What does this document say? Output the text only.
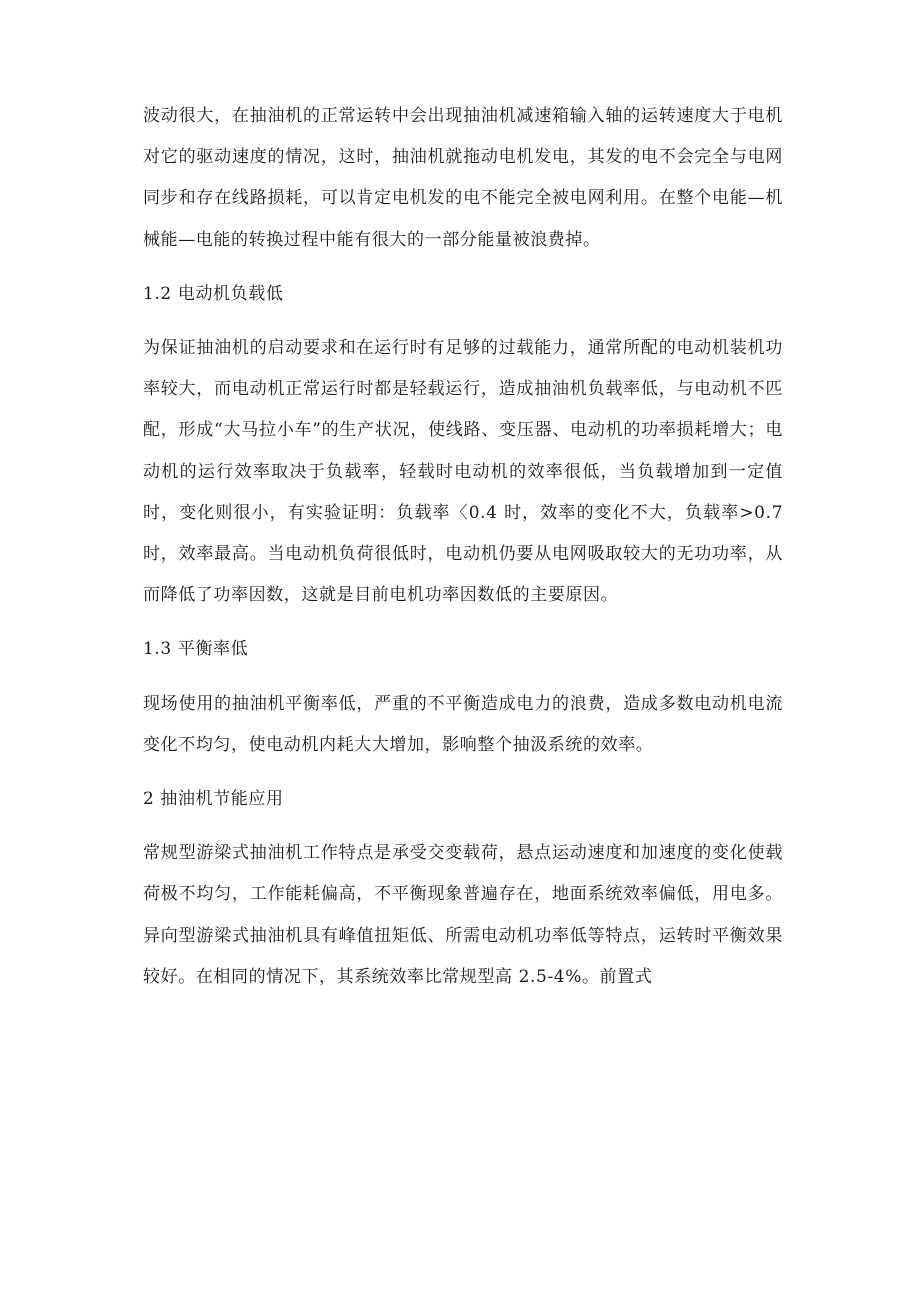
波动很大，在抽油机的正常运转中会出现抽油机减速箱输入轴的运转速度大于电机对它的驱动速度的情况，这时，抽油机就拖动电机发电，其发的电不会完全与电网同步和存在线路损耗，可以肯定电机发的电不能完全被电网利用。在整个电能—机械能—电能的转换过程中能有很大的一部分能量被浪费掉。

1.2 电动机负载低

为保证抽油机的启动要求和在运行时有足够的过载能力，通常所配的电动机装机功率较大，而电动机正常运行时都是轻载运行，造成抽油机负载率低，与电动机不匹配，形成“大马拉小车”的生产状况，使线路、变压器、电动机的功率损耗增大；电动机的运行效率取决于负载率，轻载时电动机的效率很低，当负载增加到一定值时，变化则很小，有实验证明：负载率〈0.4 时，效率的变化不大，负载率>0.7 时，效率最高。当电动机负荷很低时，电动机仍要从电网吸取较大的无功功率，从而降低了功率因数，这就是目前电机功率因数低的主要原因。

1.3 平衡率低

现场使用的抽油机平衡率低，严重的不平衡造成电力的浪费，造成多数电动机电流变化不均匀，使电动机内耗大大增加，影响整个抽汲系统的效率。

2 抽油机节能应用

常规型游梁式抽油机工作特点是承受交变载荷，悬点运动速度和加速度的变化使载荷极不均匀，工作能耗偏高，不平衡现象普遍存在，地面系统效率偏低，用电多。异向型游梁式抽油机具有峰值扭矩低、所需电动机功率低等特点，运转时平衡效果较好。在相同的情况下，其系统效率比常规型高 2.5-4%。前置式
